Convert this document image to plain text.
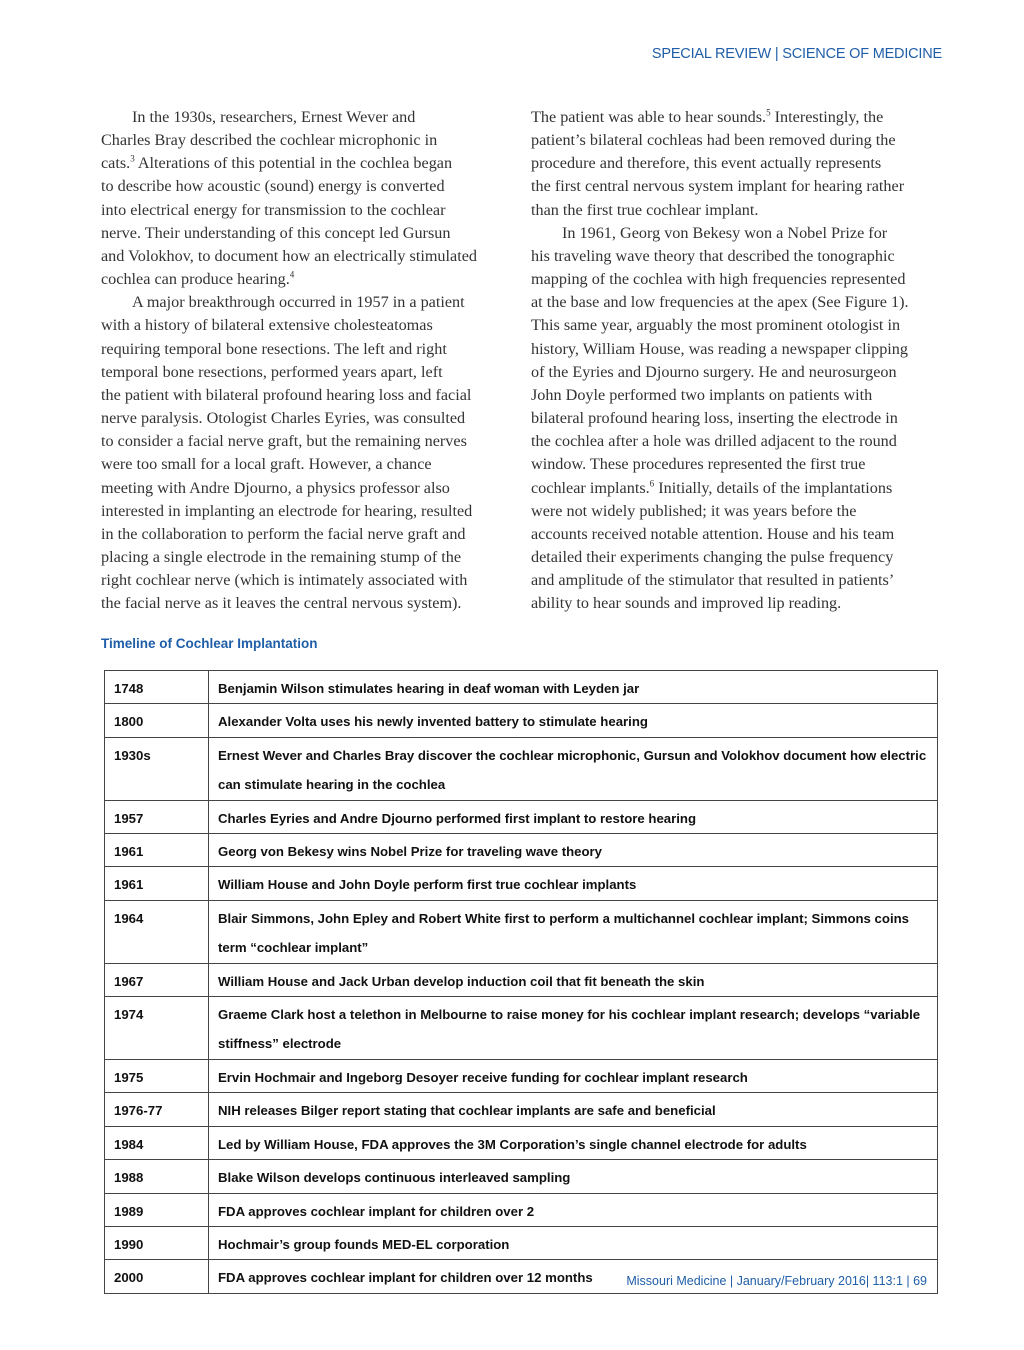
SPECIAL REVIEW | SCIENCE OF MEDICINE

In the 1930s, researchers, Ernest Wever and
Charles Bray described the cochlear microphonic in
cats.$^3$ Alterations of this potential in the cochlea began
to describe how acoustic (sound) energy is converted
into electrical energy for transmission to the cochlear
nerve. Their understanding of this concept led Gursun
and Volokhov, to document how an electrically stimulated
cochlea can produce hearing.$^4$

A major breakthrough occurred in 1957 in a patient
with a history of bilateral extensive cholesteatomas
requiring temporal bone resections. The left and right
temporal bone resections, performed years apart, left
the patient with bilateral profound hearing loss and facial
nerve paralysis. Otologist Charles Eyries, was consulted
to consider a facial nerve graft, but the remaining nerves
were too small for a local graft. However, a chance
meeting with Andre Djourno, a physics professor also
interested in implanting an electrode for hearing, resulted
in the collaboration to perform the facial nerve graft and
placing a single electrode in the remaining stump of the
right cochlear nerve (which is intimately associated with
the facial nerve as it leaves the central nervous system).

The patient was able to hear sounds.$^5$ Interestingly, the
patient’s bilateral cochleas had been removed during the
procedure and therefore, this event actually represents
the first central nervous system implant for hearing rather
than the first true cochlear implant.

In 1961, Georg von Bekesy won a Nobel Prize for
his traveling wave theory that described the tonographic
mapping of the cochlea with high frequencies represented
at the base and low frequencies at the apex (See Figure 1).
This same year, arguably the most prominent otologist in
history, William House, was reading a newspaper clipping
of the Eyries and Djourno surgery. He and neurosurgeon
John Doyle performed two implants on patients with
bilateral profound hearing loss, inserting the electrode in
the cochlea after a hole was drilled adjacent to the round
window. These procedures represented the first true
cochlear implants.$^6$ Initially, details of the implantations
were not widely published; it was years before the
accounts received notable attention. House and his team
detailed their experiments changing the pulse frequency
and amplitude of the stimulator that resulted in patients’
ability to hear sounds and improved lip reading.

Timeline of Cochlear Implantation
1748	Benjamin Wilson stimulates hearing in deaf woman with Leyden jar
1800	Alexander Volta uses his newly invented battery to stimulate hearing
1930s	Ernest Wever and Charles Bray discover the cochlear microphonic, Gursun and Volokhov document how electric can stimulate hearing in the cochlea
1957	Charles Eyries and Andre Djourno performed first implant to restore hearing
1961	Georg von Bekesy wins Nobel Prize for traveling wave theory
1961	William House and John Doyle perform first true cochlear implants
1964	Blair Simmons, John Epley and Robert White first to perform a multichannel cochlear implant; Simmons coins term “cochlear implant”
1967	William House and Jack Urban develop induction coil that fit beneath the skin
1974	Graeme Clark host a telethon in Melbourne to raise money for his cochlear implant research; develops “variable stiffness” electrode
1975	Ervin Hochmair and Ingeborg Desoyer receive funding for cochlear implant research
1976-77	NIH releases Bilger report stating that cochlear implants are safe and beneficial
1984	Led by William House, FDA approves the 3M Corporation’s single channel electrode for adults
1988	Blake Wilson develops continuous interleaved sampling
1989	FDA approves cochlear implant for children over 2
1990	Hochmair’s group founds MED-EL corporation
2000	FDA approves cochlear implant for children over 12 months	Missouri Medicine | January/February 2016| 113:1 | 69
